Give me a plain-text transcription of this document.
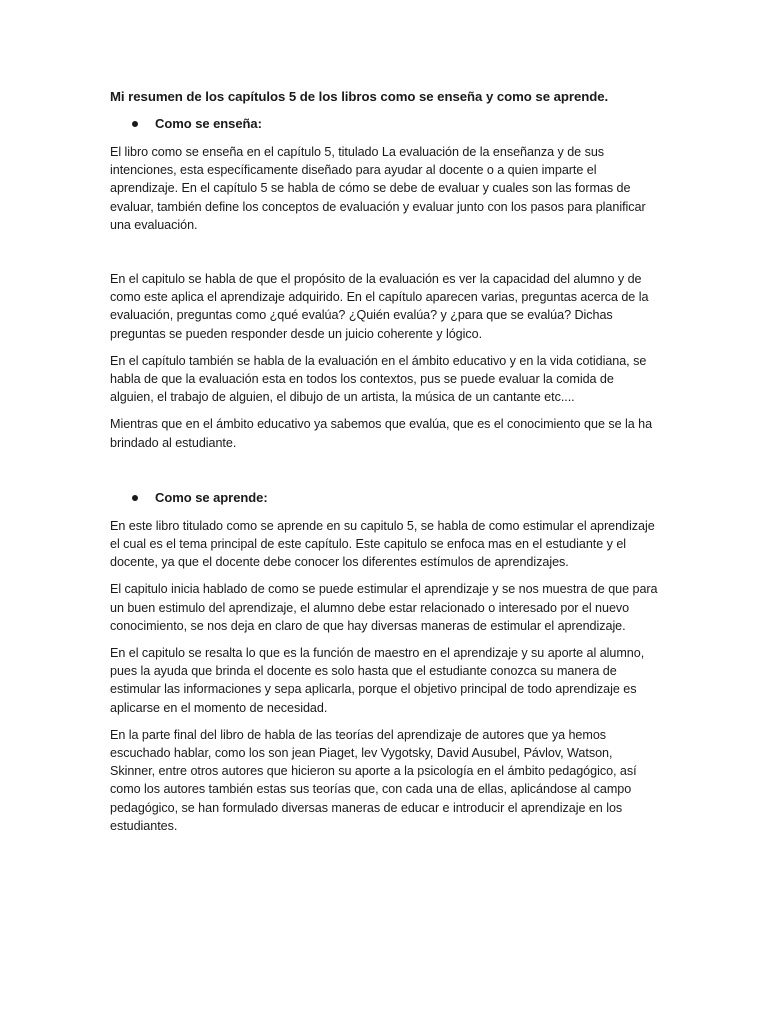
Mi resumen de los capítulos 5 de los libros como se enseña y como se aprende.
Como se enseña:

El libro como se enseña en el capítulo 5, titulado La evaluación de la enseñanza y de sus intenciones, esta específicamente diseñado para ayudar al docente o a quien imparte el aprendizaje. En el capítulo 5 se habla de cómo se debe de evaluar y cuales son las formas de evaluar, también define los conceptos de evaluación y evaluar junto con los pasos para planificar una evaluación.

En el capitulo se habla de que el propósito de la evaluación es ver la capacidad del alumno y de como este aplica el aprendizaje adquirido. En el capítulo aparecen varias, preguntas acerca de la evaluación, preguntas como ¿qué evalúa? ¿Quién evalúa? y ¿para que se evalúa? Dichas preguntas se pueden responder desde un juicio coherente y lógico.

En el capítulo también se habla de la evaluación en el ámbito educativo y en la vida cotidiana, se habla de que la evaluación esta en todos los contextos, pus se puede evaluar la comida de alguien, el trabajo de alguien, el dibujo de un artista, la música de un cantante etc....

Mientras que en el ámbito educativo ya sabemos que evalúa, que es el conocimiento que se la ha brindado al estudiante.

Como se aprende:

En este libro titulado como se aprende en su capitulo 5, se habla de como estimular el aprendizaje el cual es el tema principal de este capítulo. Este capitulo se enfoca mas en el estudiante y el docente, ya que el docente debe conocer los diferentes estímulos de aprendizajes.

El capitulo inicia hablado de como se puede estimular el aprendizaje y se nos muestra de que para un buen estimulo del aprendizaje, el alumno debe estar relacionado o interesado por el nuevo conocimiento, se nos deja en claro de que hay diversas maneras de estimular el aprendizaje.

En el capitulo se resalta lo que es la función de maestro en el aprendizaje y su aporte al alumno, pues la ayuda que brinda el docente es solo hasta que el estudiante conozca su manera de estimular las informaciones y sepa aplicarla, porque el objetivo principal de todo aprendizaje es aplicarse en el momento de necesidad.

En la parte final del libro de habla de las teorías del aprendizaje de autores que ya hemos escuchado hablar, como los son jean Piaget, lev Vygotsky, David Ausubel, Pávlov, Watson, Skinner, entre otros autores que hicieron su aporte a la psicología en el ámbito pedagógico, así como los autores también estas sus teorías que, con cada una de ellas, aplicándose al campo pedagógico, se han formulado diversas maneras de educar e introducir el aprendizaje en los estudiantes.
